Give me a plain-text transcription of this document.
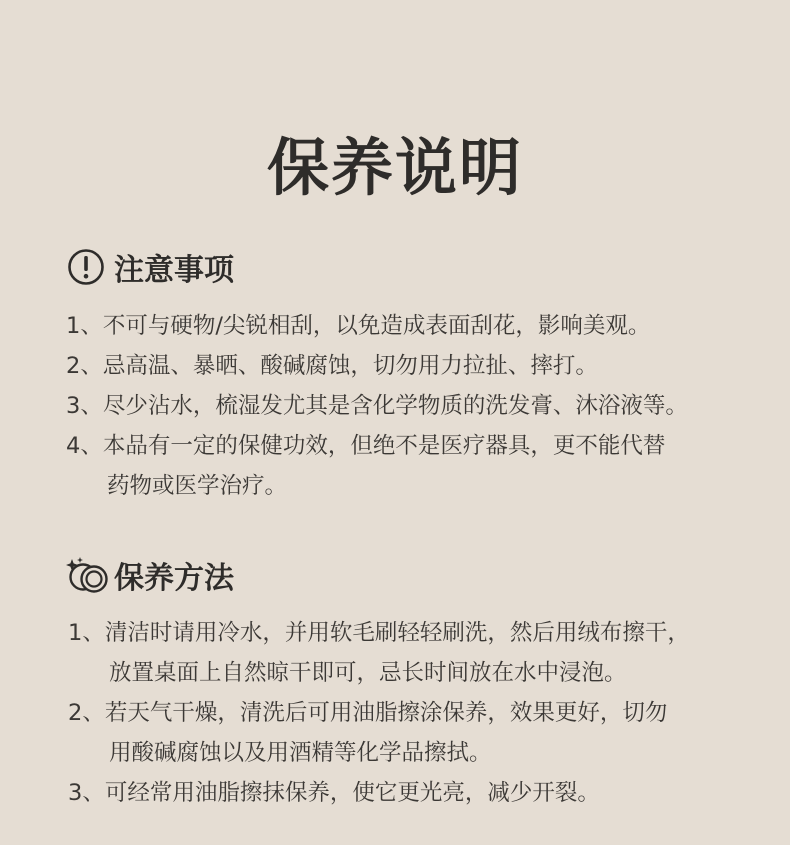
保养说明
注意事项
1、不可与硬物/尖锐相刮，以免造成表面刮花，影响美观。
2、忌高温、暴晒、酸碱腐蚀，切勿用力拉扯、摔打。
3、尽少沾水，梳湿发尤其是含化学物质的洗发膏、沐浴液等。
4、本品有一定的保健功效，但绝不是医疗器具，更不能代替
药物或医学治疗。
保养方法
1、清洁时请用冷水，并用软毛刷轻轻刷洗，然后用绒布擦干，
放置桌面上自然晾干即可，忌长时间放在水中浸泡。
2、若天气干燥，清洗后可用油脂擦涂保养，效果更好，切勿
用酸碱腐蚀以及用酒精等化学品擦拭。
3、可经常用油脂擦抹保养，使它更光亮，减少开裂。
